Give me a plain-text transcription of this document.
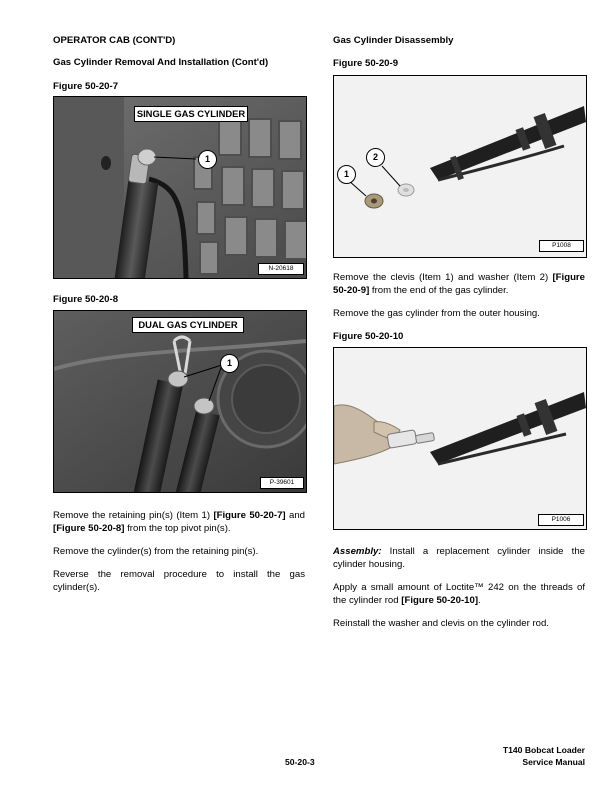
OPERATOR CAB (CONT'D)
Gas Cylinder Removal And Installation (Cont'd)
Figure 50-20-7
SINGLE GAS CYLINDER
1
N-20618
Figure 50-20-8
DUAL GAS CYLINDER
1
P-39601
Remove the retaining pin(s) (Item 1) [Figure 50-20-7] and [Figure 50-20-8] from the top pivot pin(s).
Remove the cylinder(s) from the retaining pin(s).
Reverse the removal procedure to install the gas cylinder(s).
Gas Cylinder Disassembly
Figure 50-20-9
1
2
P1008
Remove the clevis (Item 1) and washer (Item 2) [Figure 50-20-9] from the end of the gas cylinder.
Remove the gas cylinder from the outer housing.
Figure 50-20-10
P1006
Assembly: Install a replacement cylinder inside the cylinder housing.
Apply a small amount of Loctite™ 242 on the threads of the cylinder rod [Figure 50-20-10].
Reinstall the washer and clevis on the cylinder rod.
50-20-3
T140 Bobcat Loader
Service Manual
